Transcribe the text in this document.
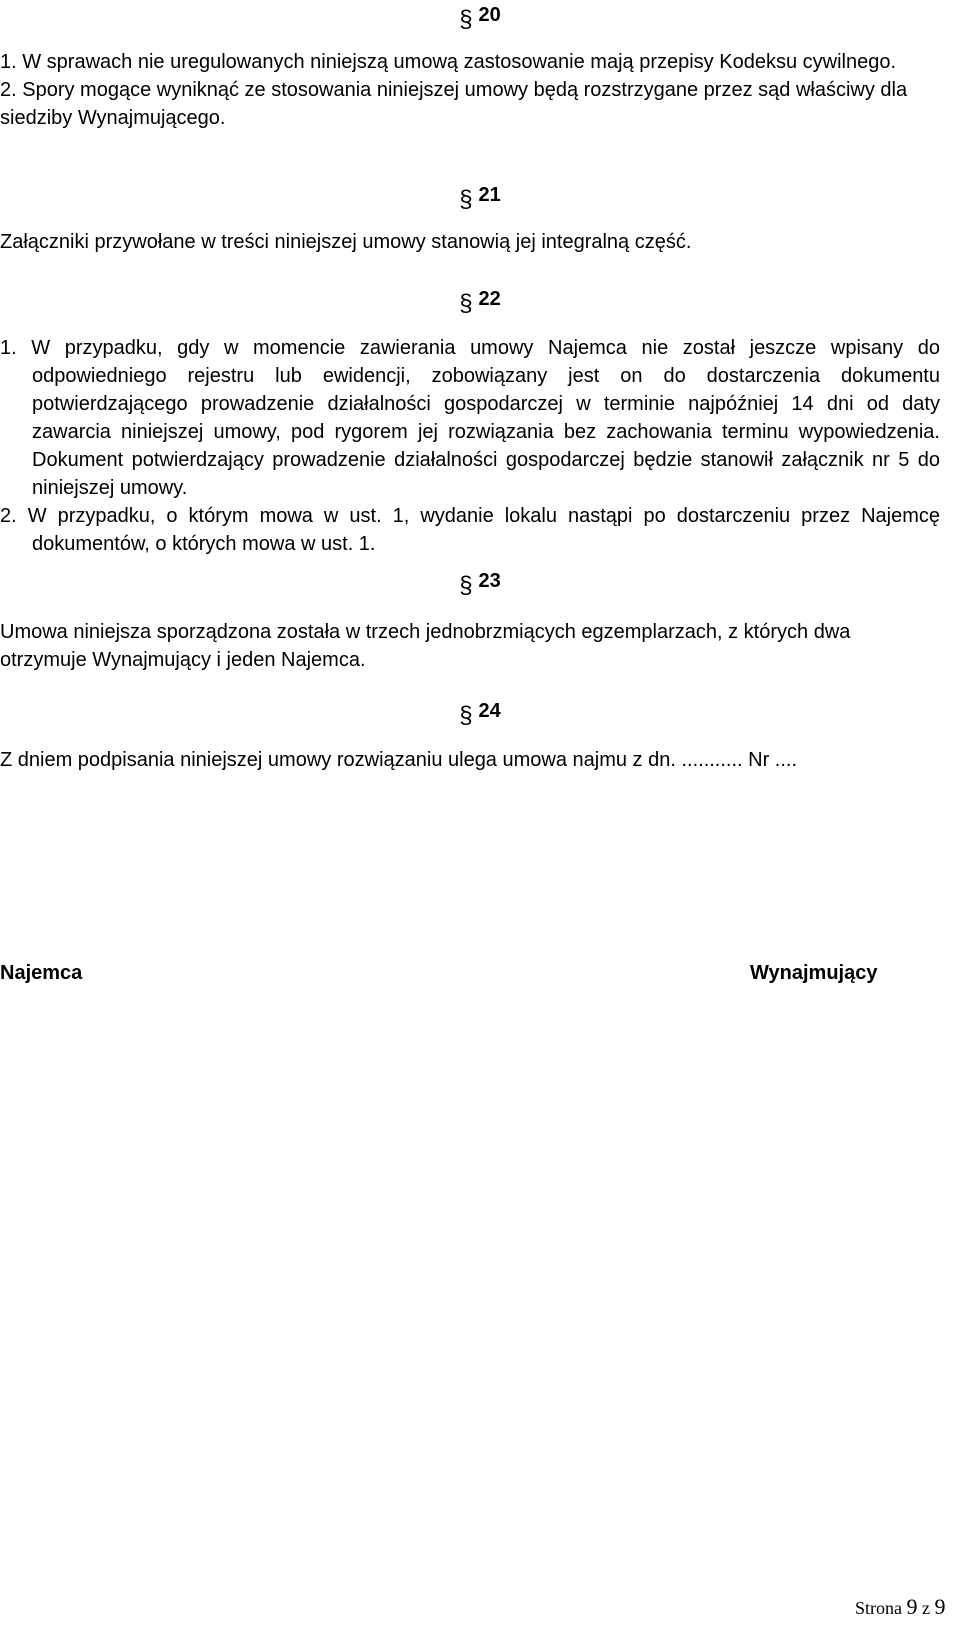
§ 20

1. W sprawach nie uregulowanych niniejszą umową zastosowanie mają przepisy Kodeksu cywilnego.

2. Spory mogące wyniknąć ze stosowania niniejszej umowy będą rozstrzygane przez sąd właściwy dla siedziby Wynajmującego.

§ 21

Załączniki przywołane w treści niniejszej umowy stanowią jej integralną część.

§ 22

1. W przypadku, gdy w momencie zawierania umowy Najemca nie został jeszcze wpisany do odpowiedniego rejestru lub ewidencji, zobowiązany jest on do dostarczenia dokumentu potwierdzającego prowadzenie działalności gospodarczej w terminie najpóźniej 14 dni od daty zawarcia niniejszej umowy, pod rygorem jej rozwiązania bez zachowania terminu wypowiedzenia. Dokument potwierdzający prowadzenie działalności gospodarczej będzie stanowił załącznik nr 5 do niniejszej umowy.

2. W przypadku, o którym mowa w ust. 1, wydanie lokalu nastąpi po dostarczeniu przez Najemcę dokumentów, o których mowa w ust. 1.

§ 23

Umowa niniejsza sporządzona została w trzech jednobrzmiących egzemplarzach, z których dwa otrzymuje Wynajmujący i jeden Najemca.

§ 24

Z dniem podpisania niniejszej umowy rozwiązaniu ulega umowa najmu z dn. ........... Nr ....

Najemca	Wynajmujący
Strona 9 z 9
